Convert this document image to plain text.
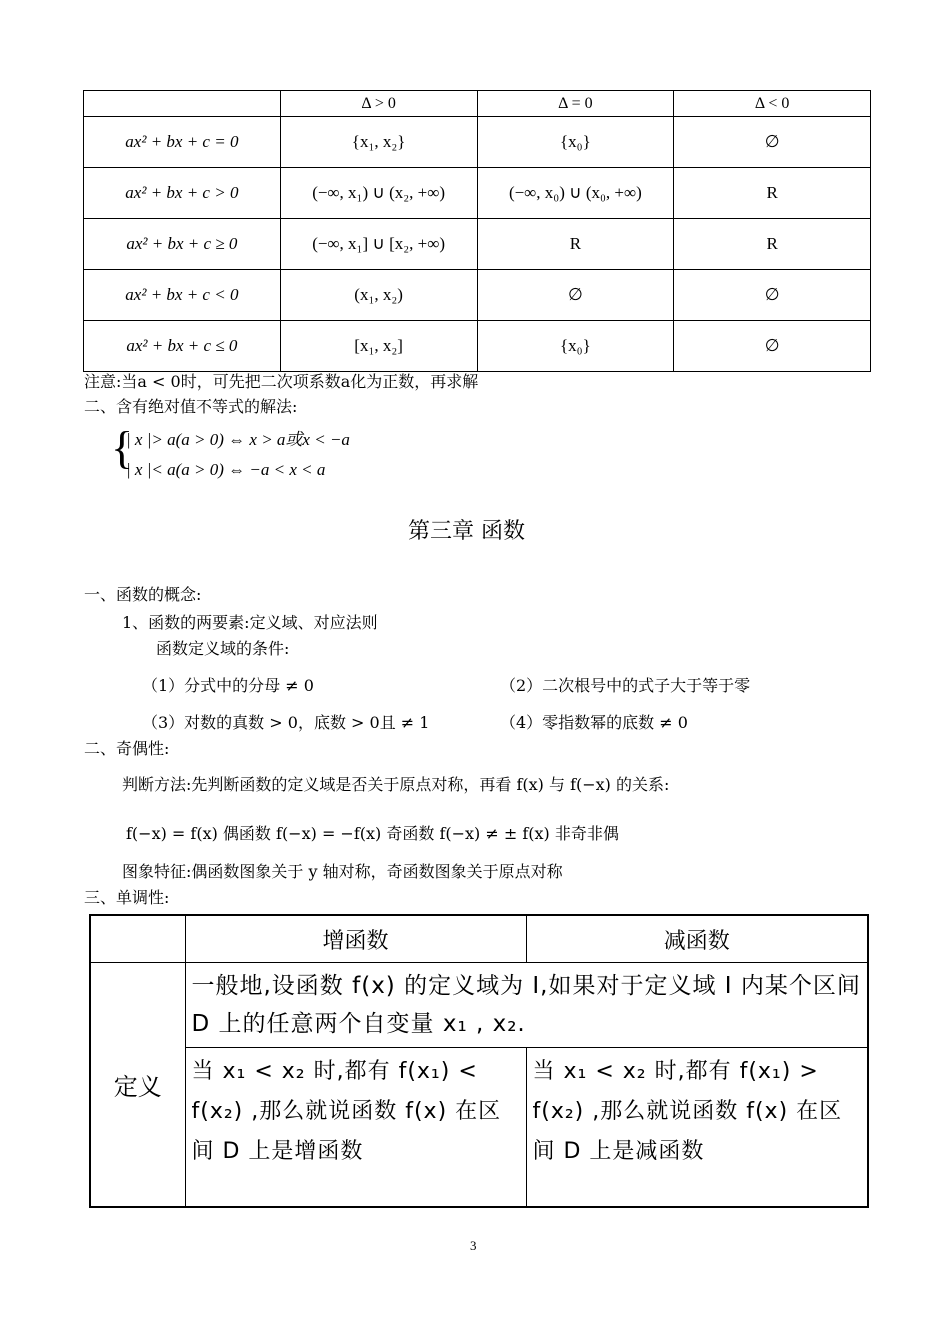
	Δ > 0	Δ = 0	Δ < 0
ax² + bx + c = 0	{x₁, x₂}	{x₀}	∅
ax² + bx + c > 0	(−∞, x₁) ∪ (x₂, +∞)	(−∞, x₀) ∪ (x₀, +∞)	R
ax² + bx + c ≥ 0	(−∞, x₁] ∪ [x₂, +∞)	R	R
ax² + bx + c < 0	(x₁, x₂)	∅	∅
ax² + bx + c ≤ 0	[x₁, x₂]	{x₀}	∅
注意:当a < 0时，可先把二次项系数a化为正数，再求解
二、含有绝对值不等式的解法:
{
| x |> a(a > 0) ⇔ x > a或x < −a
| x |< a(a > 0) ⇔ −a < x < a
第三章 函数
一、函数的概念:
1、函数的两要素:定义域、对应法则
函数定义域的条件:
（1）分式中的分母 ≠ 0	（2）二次根号中的式子大于等于零
（3）对数的真数 > 0，底数 > 0且 ≠ 1	（4）零指数幂的底数 ≠ 0
二、奇偶性:
判断方法:先判断函数的定义域是否关于原点对称，再看 f(x) 与 f(−x) 的关系:
f(−x) = f(x) 偶函数 f(−x) = −f(x) 奇函数 f(−x) ≠ ± f(x) 非奇非偶
图象特征:偶函数图象关于 y 轴对称，奇函数图象关于原点对称
三、单调性:
	增函数	减函数
定义	一般地,设函数 f(x) 的定义域为 I,如果对于定义域 I 内某个区间 D 上的任意两个自变量 x₁ , x₂.	

	当 x₁ < x₂ 时,都有 f(x₁) < f(x₂) ,那么就说函数 f(x) 在区间 D 上是增函数	当 x₁ < x₂ 时,都有 f(x₁) > f(x₂) ,那么就说函数 f(x) 在区间 D 上是减函数
3
